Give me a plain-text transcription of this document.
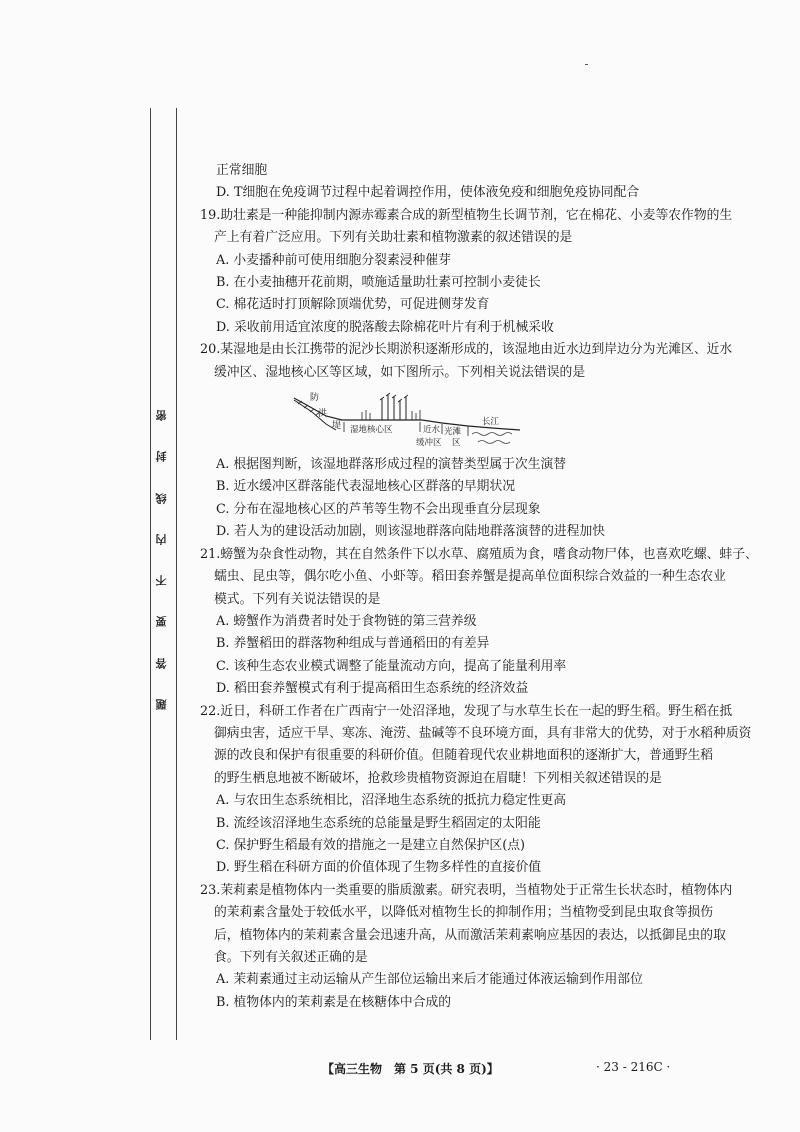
密
封
线
内
不
要
答
题
正常细胞
D. T细胞在免疫调节过程中起着调控作用，使体液免疫和细胞免疫协同配合
19.助壮素是一种能抑制内源赤霉素合成的新型植物生长调节剂，它在棉花、小麦等农作物的生
产上有着广泛应用。下列有关助壮素和植物激素的叙述错误的是
A. 小麦播种前可使用细胞分裂素浸种催芽
B. 在小麦抽穗开花前期，喷施适量助壮素可控制小麦徒长
C. 棉花适时打顶解除顶端优势，可促进侧芽发育
D. 采收前用适宜浓度的脱落酸去除棉花叶片有利于机械采收
20.某湿地是由长江携带的泥沙长期淤积逐渐形成的，该湿地由近水边到岸边分为光滩区、近水
缓冲区、湿地核心区等区域，如下图所示。下列相关说法错误的是
防
洪
堤 湿地核心区	近水 光滩
长江
缓冲区 区
A. 根据图判断，该湿地群落形成过程的演替类型属于次生演替
B. 近水缓冲区群落能代表湿地核心区群落的早期状况
C. 分布在湿地核心区的芦苇等生物不会出现垂直分层现象
D. 若人为的建设活动加剧，则该湿地群落向陆地群落演替的进程加快
21.螃蟹为杂食性动物，其在自然条件下以水草、腐殖质为食，嗜食动物尸体，也喜欢吃螺、蚌子、
蠕虫、昆虫等，偶尔吃小鱼、小虾等。稻田套养蟹是提高单位面积综合效益的一种生态农业
模式。下列有关说法错误的是
A. 螃蟹作为消费者时处于食物链的第三营养级
B. 养蟹稻田的群落物种组成与普通稻田的有差异
C. 该种生态农业模式调整了能量流动方向，提高了能量利用率
D. 稻田套养蟹模式有利于提高稻田生态系统的经济效益
22.近日，科研工作者在广西南宁一处沼泽地，发现了与水草生长在一起的野生稻。野生稻在抵
御病虫害，适应干旱、寒冻、淹涝、盐碱等不良环境方面，具有非常大的优势，对于水稻种质资
源的改良和保护有很重要的科研价值。但随着现代农业耕地面积的逐渐扩大，普通野生稻
的野生栖息地被不断破坏，抢救珍贵植物资源迫在眉睫！下列相关叙述错误的是
A. 与农田生态系统相比，沼泽地生态系统的抵抗力稳定性更高
B. 流经该沼泽地生态系统的总能量是野生稻固定的太阳能
C. 保护野生稻最有效的措施之一是建立自然保护区(点)
D. 野生稻在科研方面的价值体现了生物多样性的直接价值
23.茉莉素是植物体内一类重要的脂质激素。研究表明，当植物处于正常生长状态时，植物体内
的茉莉素含量处于较低水平，以降低对植物生长的抑制作用；当植物受到昆虫取食等损伤
后，植物体内的茉莉素含量会迅速升高，从而激活茉莉素响应基因的表达，以抵御昆虫的取
食。下列有关叙述正确的是
A. 茉莉素通过主动运输从产生部位运输出来后才能通过体液运输到作用部位
B. 植物体内的茉莉素是在核糖体中合成的
【高三生物　第 5 页(共 8 页)】	· 23 - 216C ·
